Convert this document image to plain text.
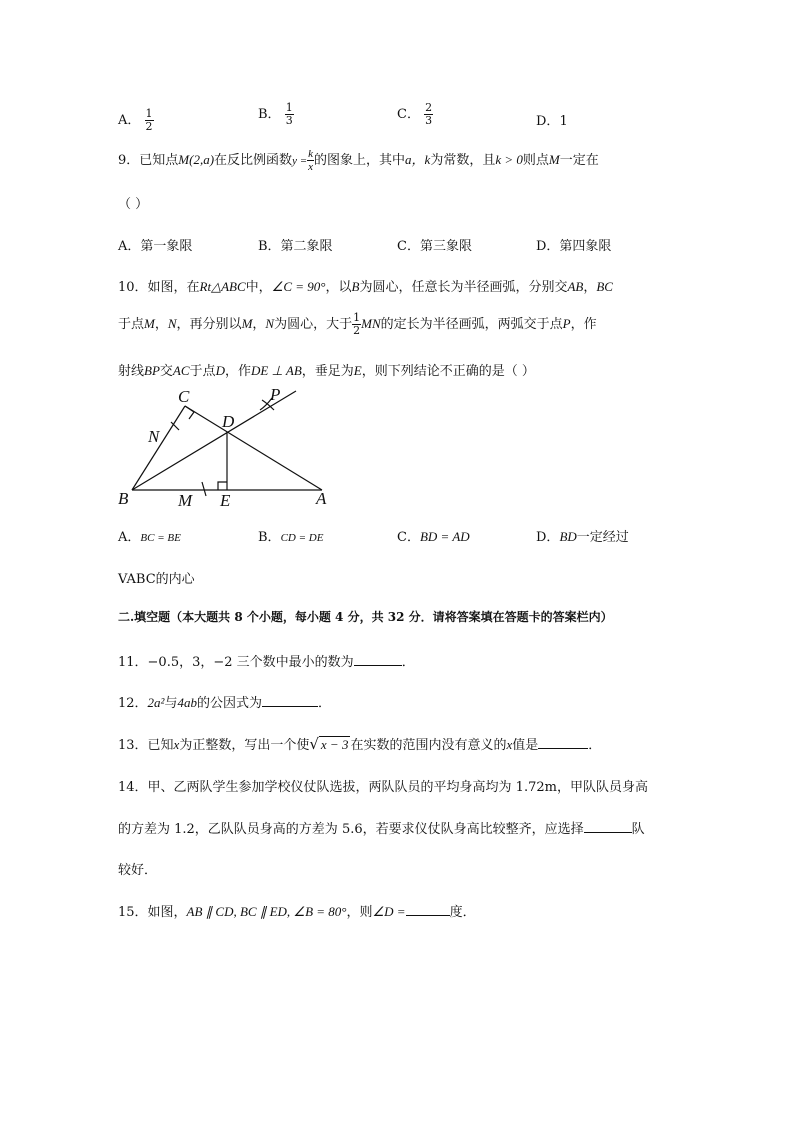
A． $\frac{1}{2}$	B． $\frac{1}{3}$	C． $\frac{2}{3}$	D．1
9．已知点M(2,a)在反比例函数$y = \frac{k}{x}$ 的图象上，其中a，k为常数，且k > 0则点M一定在
（ ）
A．第一象限	B．第二象限	C．第三象限	D．第四象限
10．如图，在Rt△ABC中，∠C = 90°，以B为圆心，任意长为半径画弧，分别交AB，BC
于点M，N，再分别以M，N为圆心，大于 $\frac{1}{2}$ MN的定长为半径画弧，两弧交于点P，作
射线BP交AC于点D，作DE ⊥ AB，垂足为E，则下列结论不正确的是（ ）
C
D
P
N
B	M E	A
A．BC = BE	B．CD = DE	C．BD = AD	D．BD一定经过
VABC的内心
二.填空题（本大题共 8 个小题，每小题 4 分，共 32 分．请将答案填在答题卡的答案栏内）
11．−0.5，3，−2 三个数中最小的数为	．
12．2a²与4ab的公因式为	．
13．已知x为正整数，写出一个使√ x − 3 在实数的范围内没有意义的x值是	．
14．甲、乙两队学生参加学校仪仗队选拔，两队队员的平均身高均为 1.72m，甲队队员身高
的方差为 1.2，乙队队员身高的方差为 5.6，若要求仪仗队身高比较整齐，应选择	队
较好．
15．如图，AB ∥ CD, BC ∥ ED, ∠B = 80°，则∠D =	度．
